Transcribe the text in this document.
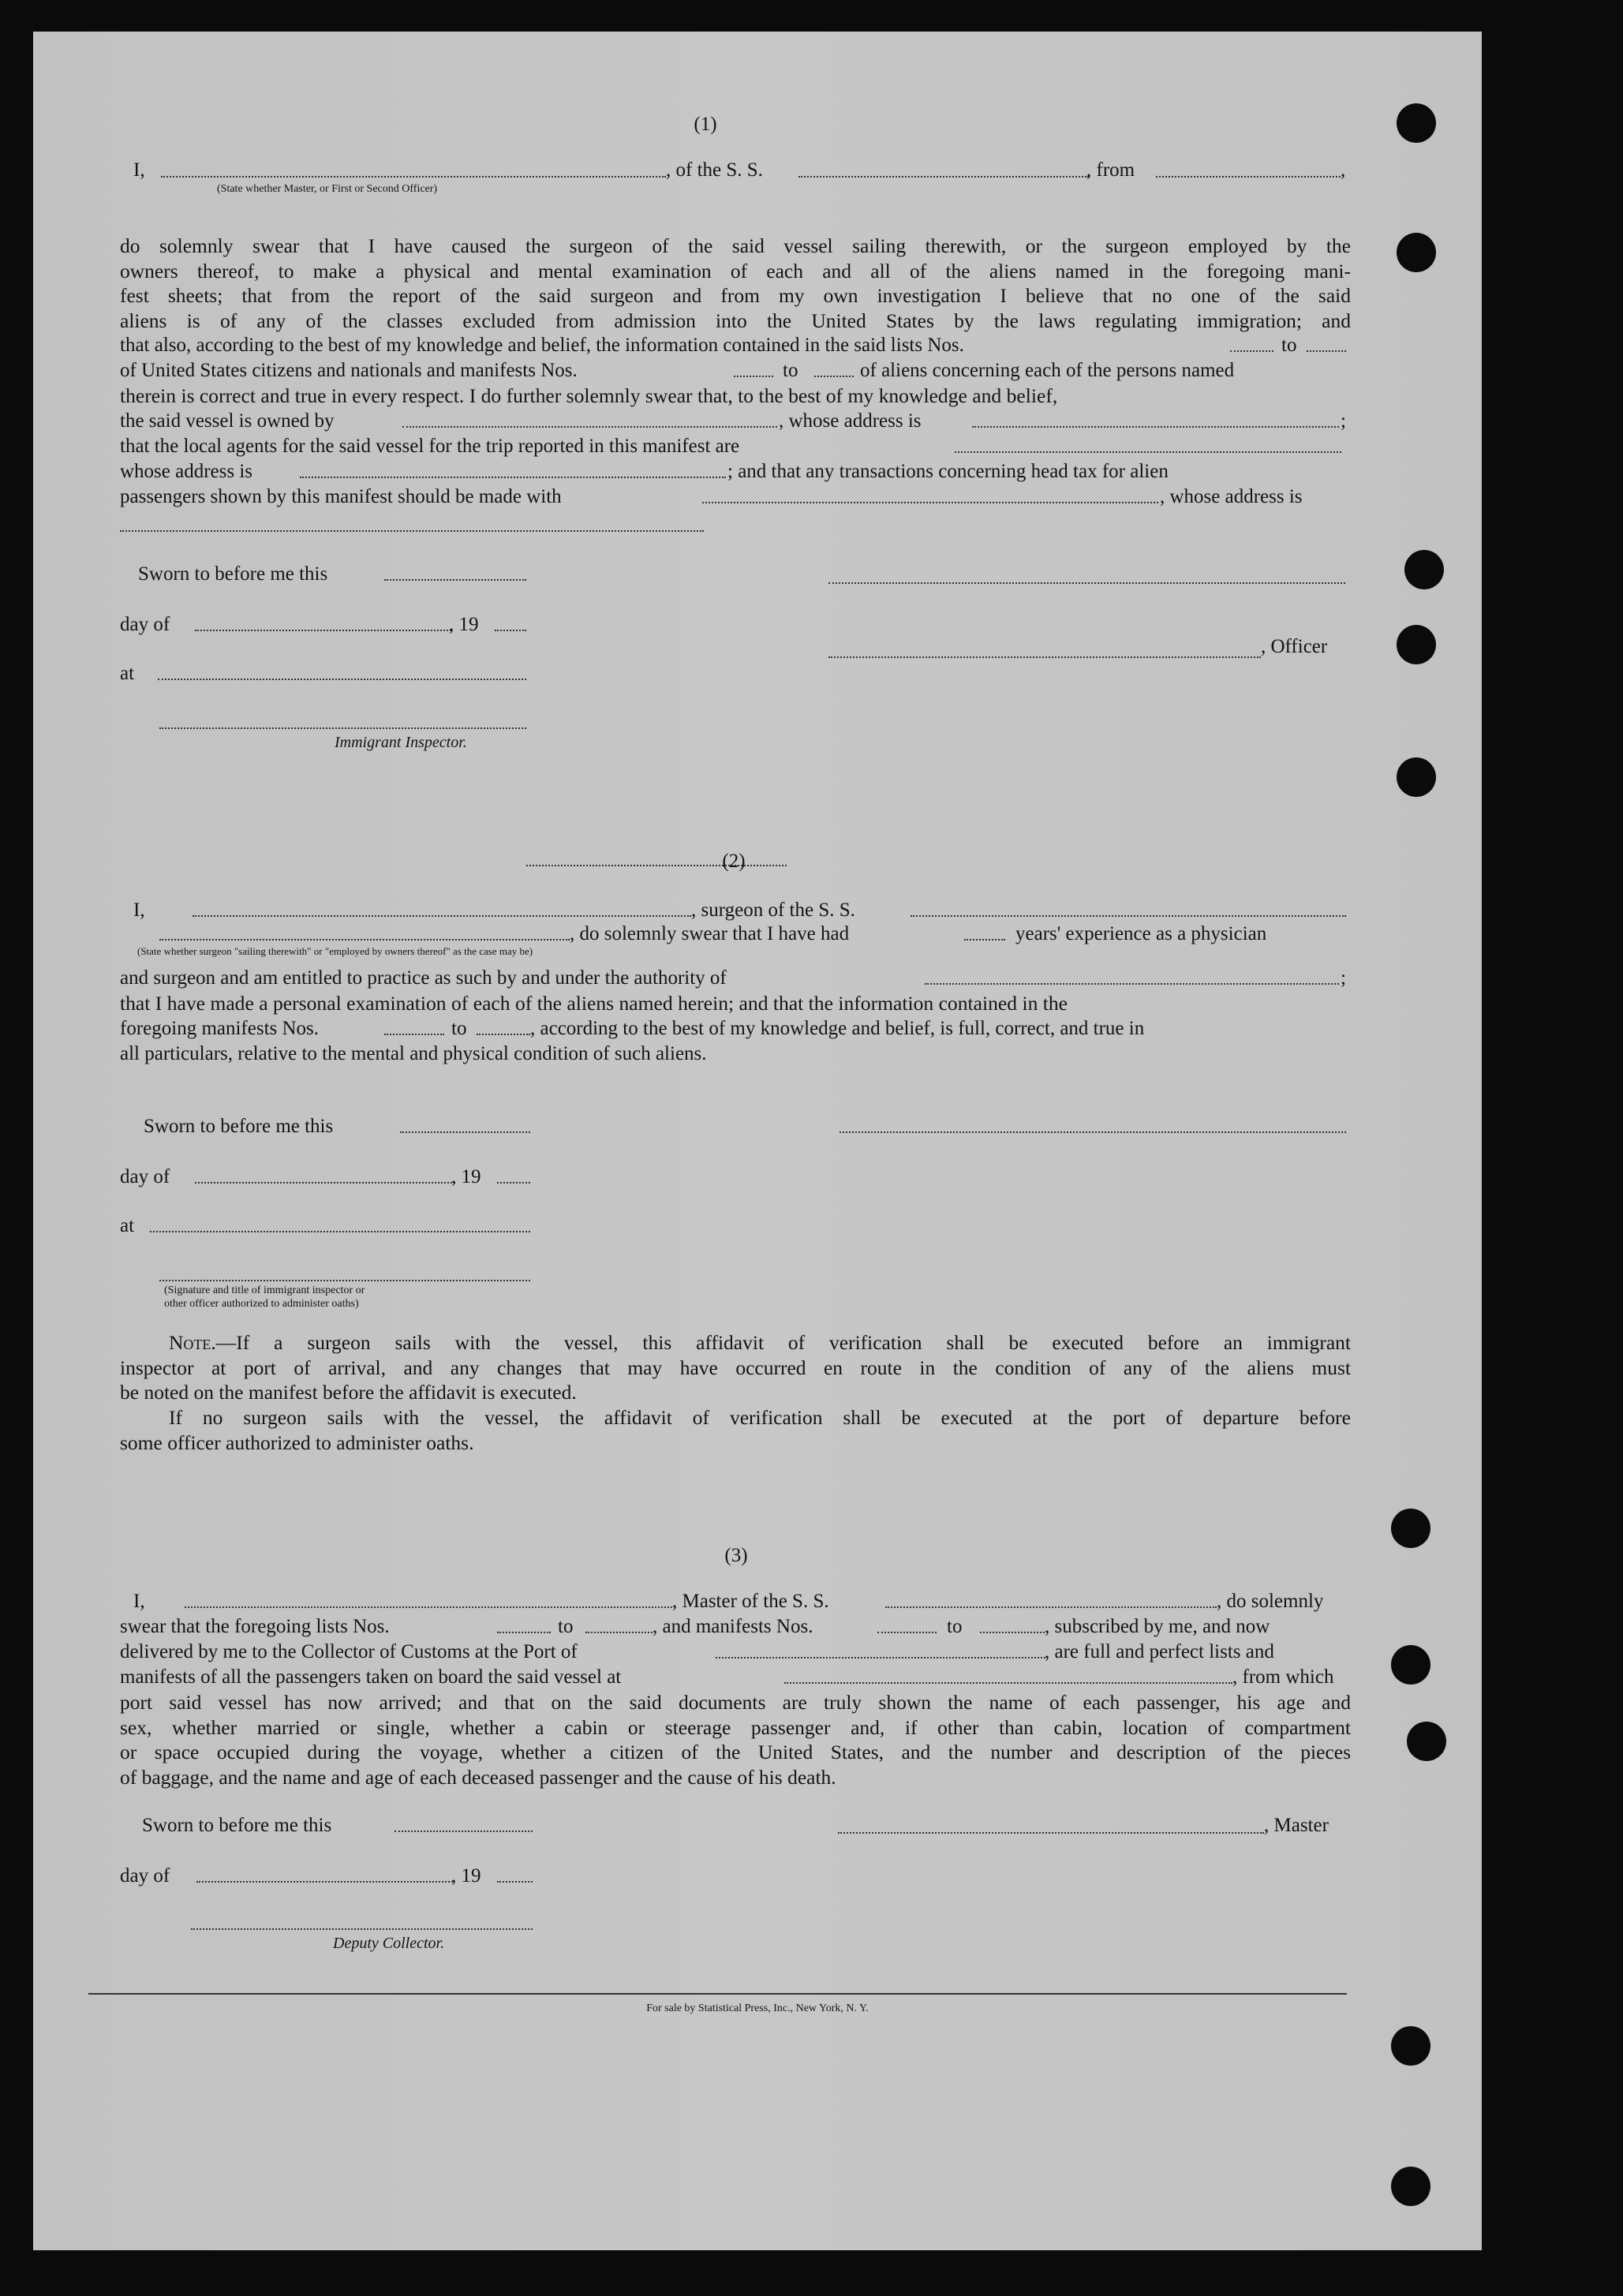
(1)
I,
(State whether Master, or First or Second Officer)
, of the S. S.	, from	,
do solemnly swear that I have caused the surgeon of the said vessel sailing therewith, or the surgeon employed by the
owners thereof, to make a physical and mental examination of each and all of the aliens named in the foregoing mani-
fest sheets; that from the report of the said surgeon and from my own investigation I believe that no one of the said
aliens is of any of the classes excluded from admission into the United States by the laws regulating immigration; and
that also, according to the best of my knowledge and belief, the information contained in the said lists Nos.	to
of United States citizens and nationals and manifests Nos.	to	of aliens concerning each of the persons named
therein is correct and true in every respect. I do further solemnly swear that, to the best of my knowledge and belief,
the said vessel is owned by	, whose address is	;
that the local agents for the said vessel for the trip reported in this manifest are
whose address is	; and that any transactions concerning head tax for alien
passengers shown by this manifest should be made with	, whose address is
Sworn to before me this
day of	, 19
, Officer
at
Immigrant Inspector.
(2)
I,	, surgeon of the S. S.
, do solemnly swear that I have had	years' experience as a physician
(State whether surgeon "sailing therewith" or "employed by owners thereof" as the case may be)
and surgeon and am entitled to practice as such by and under the authority of	;
that I have made a personal examination of each of the aliens named herein; and that the information contained in the
foregoing manifests Nos.	to	, according to the best of my knowledge and belief, is full, correct, and true in
all particulars, relative to the mental and physical condition of such aliens.
Sworn to before me this
day of	, 19
at
(Signature and title of immigrant inspector or
other officer authorized to administer oaths)
Note.—If a surgeon sails with the vessel, this affidavit of verification shall be executed before an immigrant
inspector at port of arrival, and any changes that may have occurred en route in the condition of any of the aliens must
be noted on the manifest before the affidavit is executed.
If no surgeon sails with the vessel, the affidavit of verification shall be executed at the port of departure before
some officer authorized to administer oaths.
(3)
I,	, Master of the S. S.	, do solemnly
swear that the foregoing lists Nos.	to	, and manifests Nos.	to	, subscribed by me, and now
delivered by me to the Collector of Customs at the Port of	, are full and perfect lists and
manifests of all the passengers taken on board the said vessel at	, from which
port said vessel has now arrived; and that on the said documents are truly shown the name of each passenger, his age and
sex, whether married or single, whether a cabin or steerage passenger and, if other than cabin, location of compartment
or space occupied during the voyage, whether a citizen of the United States, and the number and description of the pieces
of baggage, and the name and age of each deceased passenger and the cause of his death.
Sworn to before me this	, Master
day of	, 19
Deputy Collector.
For sale by Statistical Press, Inc., New York, N. Y.
